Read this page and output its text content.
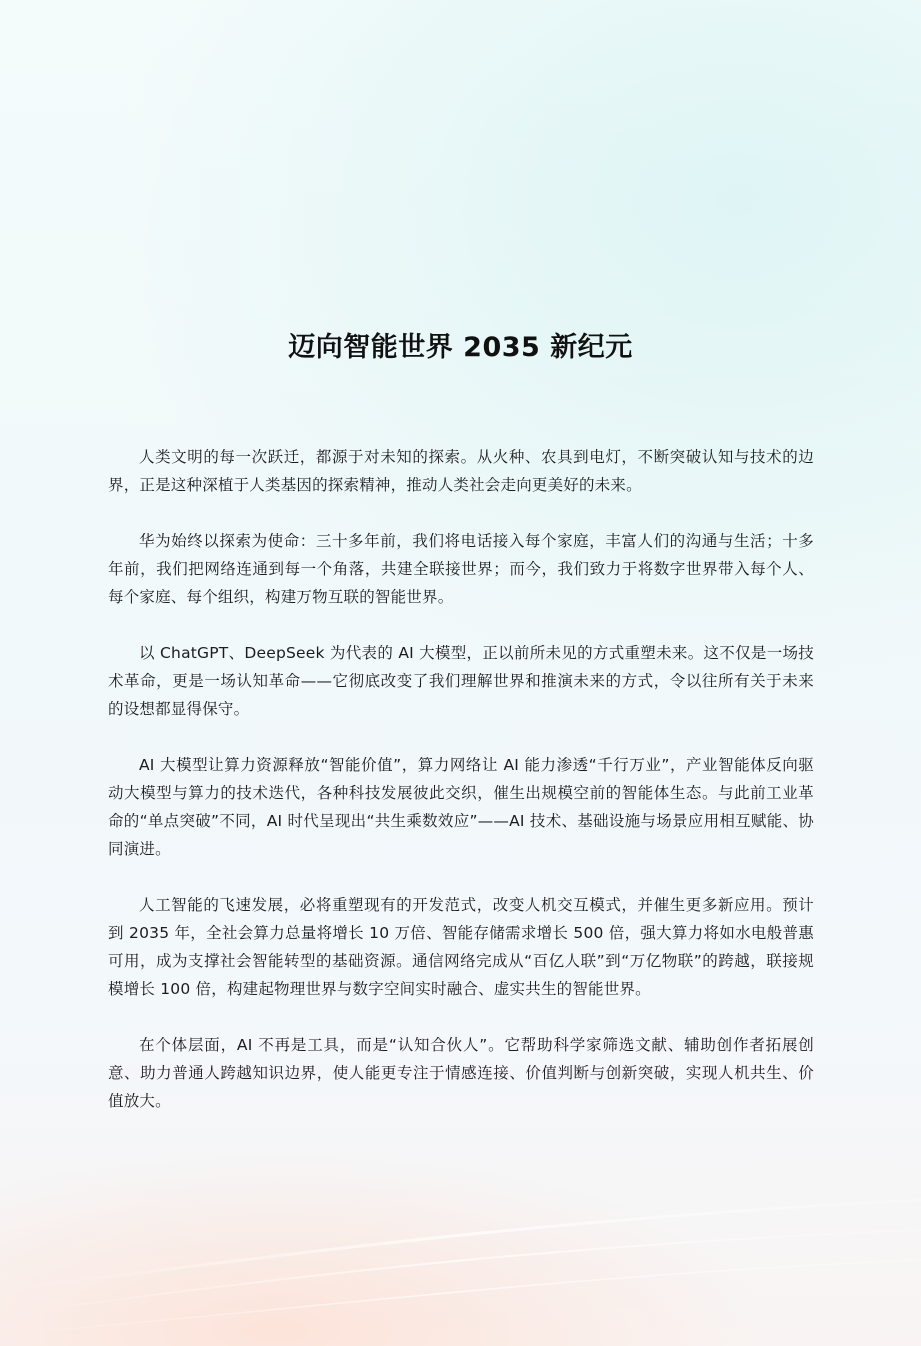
迈向智能世界 2035 新纪元

人类文明的每一次跃迁，都源于对未知的探索。从火种、农具到电灯，不断突破认知与技术的边界，正是这种深植于人类基因的探索精神，推动人类社会走向更美好的未来。

华为始终以探索为使命：三十多年前，我们将电话接入每个家庭，丰富人们的沟通与生活；十多年前，我们把网络连通到每一个角落，共建全联接世界；而今，我们致力于将数字世界带入每个人、每个家庭、每个组织，构建万物互联的智能世界。

以 ChatGPT、DeepSeek 为代表的 AI 大模型，正以前所未见的方式重塑未来。这不仅是一场技术革命，更是一场认知革命——它彻底改变了我们理解世界和推演未来的方式，令以往所有关于未来的设想都显得保守。

AI 大模型让算力资源释放“智能价值”，算力网络让 AI 能力渗透“千行万业”，产业智能体反向驱动大模型与算力的技术迭代，各种科技发展彼此交织，催生出规模空前的智能体生态。与此前工业革命的“单点突破”不同，AI 时代呈现出“共生乘数效应”——AI 技术、基础设施与场景应用相互赋能、协同演进。

人工智能的飞速发展，必将重塑现有的开发范式，改变人机交互模式，并催生更多新应用。预计到 2035 年，全社会算力总量将增长 10 万倍、智能存储需求增长 500 倍，强大算力将如水电般普惠可用，成为支撑社会智能转型的基础资源。通信网络完成从“百亿人联”到“万亿物联”的跨越，联接规模增长 100 倍，构建起物理世界与数字空间实时融合、虚实共生的智能世界。

在个体层面，AI 不再是工具，而是“认知合伙人”。它帮助科学家筛选文献、辅助创作者拓展创意、助力普通人跨越知识边界，使人能更专注于情感连接、价值判断与创新突破，实现人机共生、价值放大。
